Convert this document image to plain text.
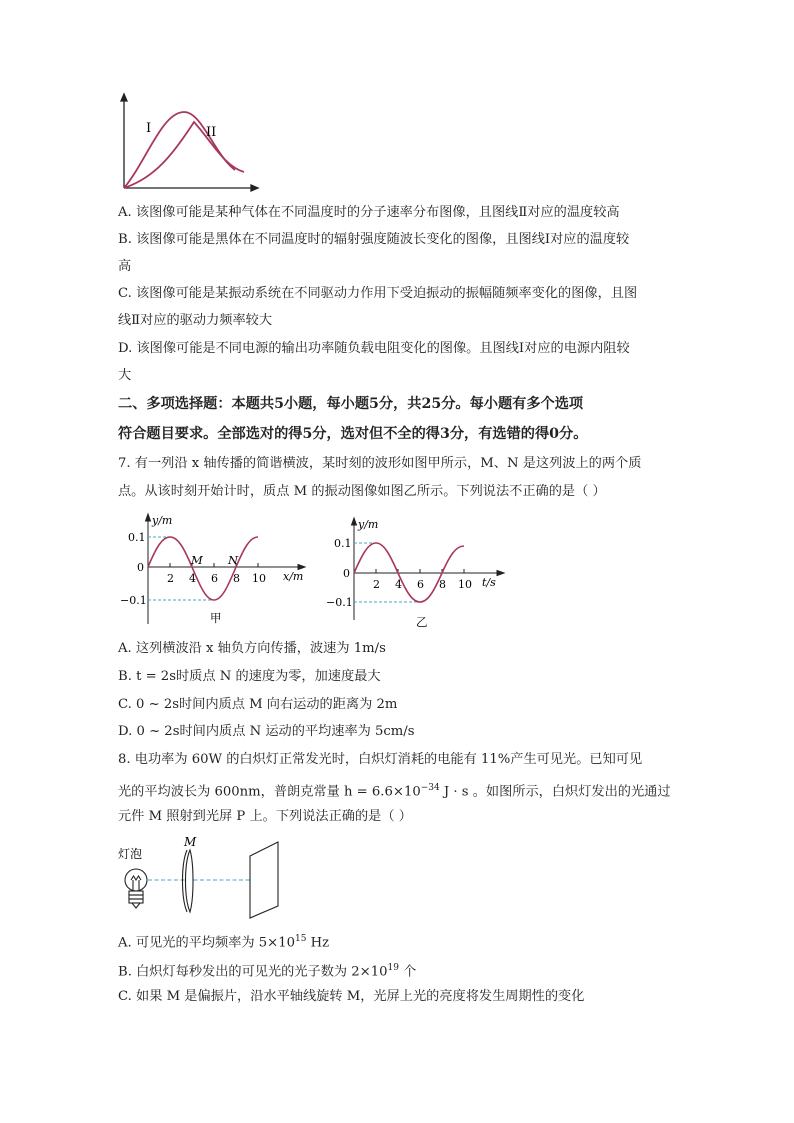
I	II
A. 该图像可能是某种气体在不同温度时的分子速率分布图像，且图线Ⅱ对应的温度较高
B. 该图像可能是黑体在不同温度时的辐射强度随波长变化的图像，且图线Ⅰ对应的温度较
高
C. 该图像可能是某振动系统在不同驱动力作用下受迫振动的振幅随频率变化的图像，且图
线Ⅱ对应的驱动力频率较大
D. 该图像可能是不同电源的输出功率随负载电阻变化的图像。且图线Ⅰ对应的电源内阻较
大
二、多项选择题：本题共5小题，每小题5分，共25分。每小题有多个选项
符合题目要求。全部选对的得5分，选对但不全的得3分，有选错的得0分。
7. 有一列沿 x 轴传播的简谐横波，某时刻的波形如图甲所示，M、N 是这列波上的两个质
点。从该时刻开始计时，质点 M 的振动图像如图乙所示。下列说法不正确的是（ ）
y/m
x/m
0.1
0
−0.1
2 4 6 8 10
M N
甲
y/m
t/s
0.1
0
−0.1
2 4 6 8 10
乙
A. 这列横波沿 x 轴负方向传播，波速为 1m/s
B. t = 2s时质点 N 的速度为零，加速度最大
C. 0 ~ 2s时间内质点 M 向右运动的距离为 2m
D. 0 ~ 2s时间内质点 N 运动的平均速率为 5cm/s
8. 电功率为 60W 的白炽灯正常发光时，白炽灯消耗的电能有 11%产生可见光。已知可见
光的平均波长为 600nm，普朗克常量 $h = 6.6\times 10^{-34}$ J · s 。如图所示，白炽灯发出的光通过
元件 M 照射到光屏 P 上。下列说法正确的是（ ）
灯泡
M
A. 可见光的平均频率为 $5\times 10^{15}$ Hz
B. 白炽灯每秒发出的可见光的光子数为 $2\times 10^{19}$ 个
C. 如果 M 是偏振片，沿水平轴线旋转 M，光屏上光的亮度将发生周期性的变化
